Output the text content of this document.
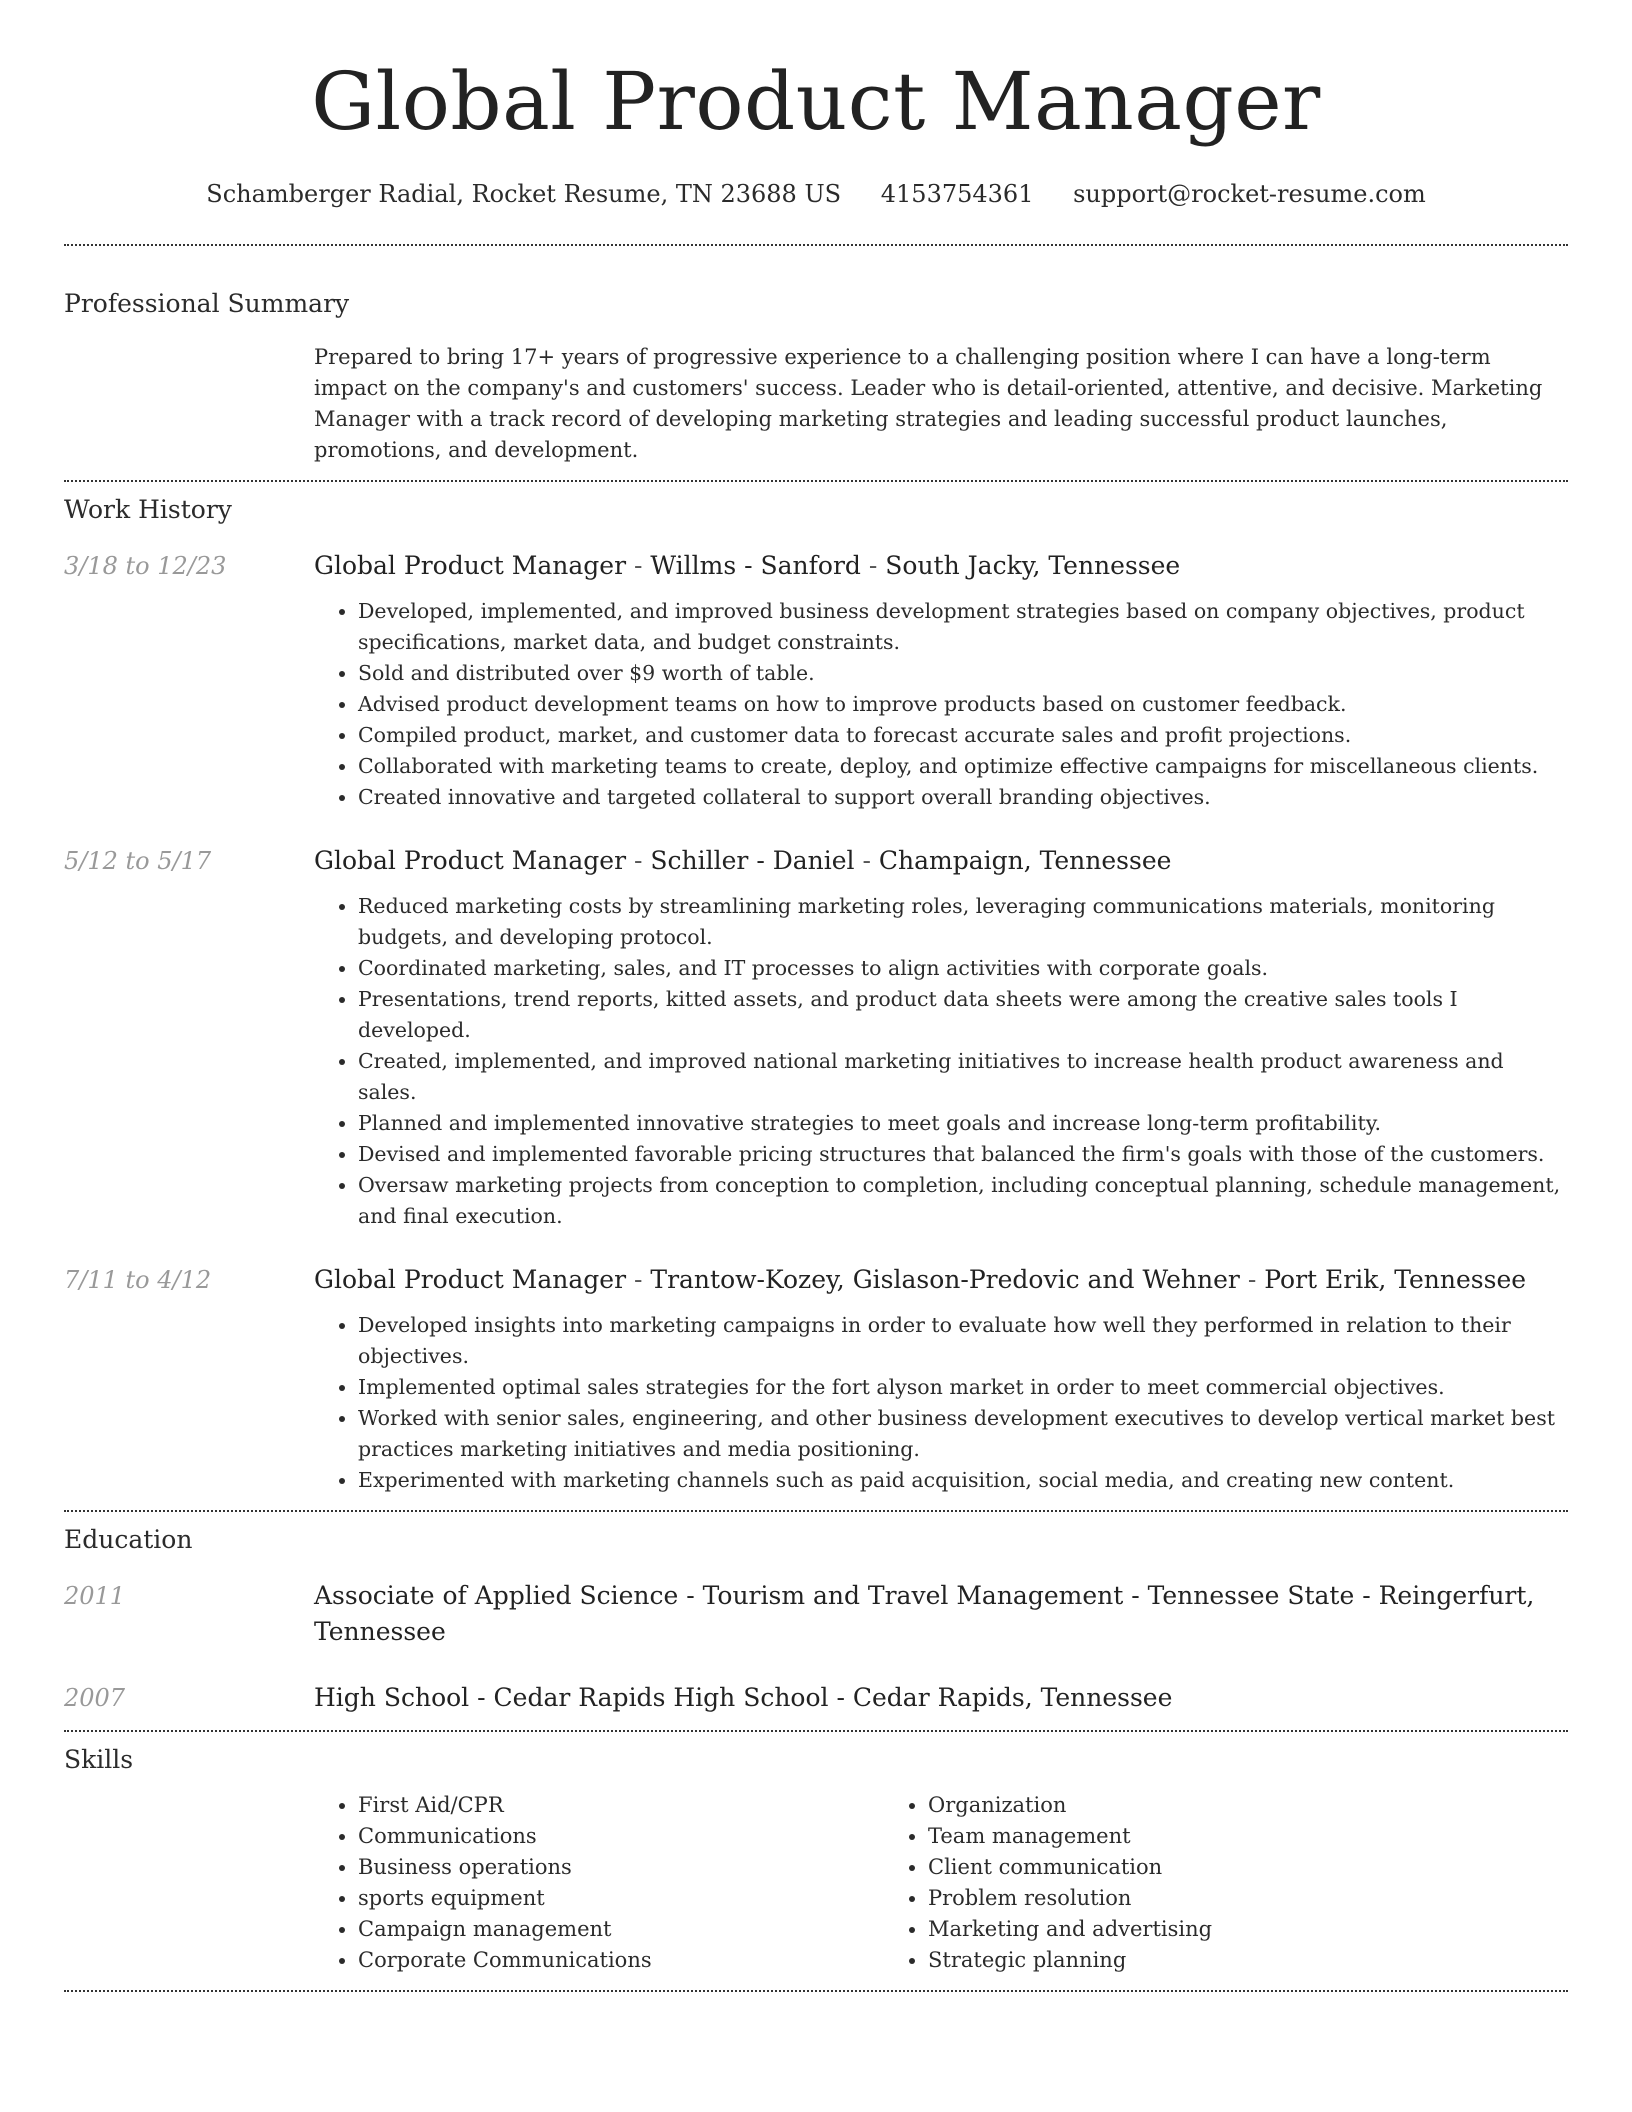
Global Product Manager
Schamberger Radial, Rocket Resume, TN 23688 US 4153754361 support@rocket-resume.com
Professional Summary
Prepared to bring 17+ years of progressive experience to a challenging position where I can have a long-term impact on the company's and customers' success. Leader who is detail-oriented, attentive, and decisive. Marketing Manager with a track record of developing marketing strategies and leading successful product launches, promotions, and development.
Work History
3/18 to 12/23	Global Product Manager - Willms - Sanford - South Jacky, Tennessee
• Developed, implemented, and improved business development strategies based on company objectives, product specifications, market data, and budget constraints.
• Sold and distributed over $9 worth of table.
• Advised product development teams on how to improve products based on customer feedback.
• Compiled product, market, and customer data to forecast accurate sales and profit projections.
• Collaborated with marketing teams to create, deploy, and optimize effective campaigns for miscellaneous clients.
• Created innovative and targeted collateral to support overall branding objectives.
5/12 to 5/17	Global Product Manager - Schiller - Daniel - Champaign, Tennessee
• Reduced marketing costs by streamlining marketing roles, leveraging communications materials, monitoring budgets, and developing protocol.
• Coordinated marketing, sales, and IT processes to align activities with corporate goals.
• Presentations, trend reports, kitted assets, and product data sheets were among the creative sales tools I developed.
• Created, implemented, and improved national marketing initiatives to increase health product awareness and sales.
• Planned and implemented innovative strategies to meet goals and increase long-term profitability.
• Devised and implemented favorable pricing structures that balanced the firm's goals with those of the customers.
• Oversaw marketing projects from conception to completion, including conceptual planning, schedule management, and final execution.
7/11 to 4/12	Global Product Manager - Trantow-Kozey, Gislason-Predovic and Wehner - Port Erik, Tennessee
• Developed insights into marketing campaigns in order to evaluate how well they performed in relation to their objectives.
• Implemented optimal sales strategies for the fort alyson market in order to meet commercial objectives.
• Worked with senior sales, engineering, and other business development executives to develop vertical market best practices marketing initiatives and media positioning.
• Experimented with marketing channels such as paid acquisition, social media, and creating new content.
Education
2011	Associate of Applied Science - Tourism and Travel Management - Tennessee State - Reingerfurt, Tennessee
2007	High School - Cedar Rapids High School - Cedar Rapids, Tennessee
Skills
• First Aid/CPR
• Communications
• Business operations
• sports equipment
• Campaign management
• Corporate Communications
• Organization
• Team management
• Client communication
• Problem resolution
• Marketing and advertising
• Strategic planning
